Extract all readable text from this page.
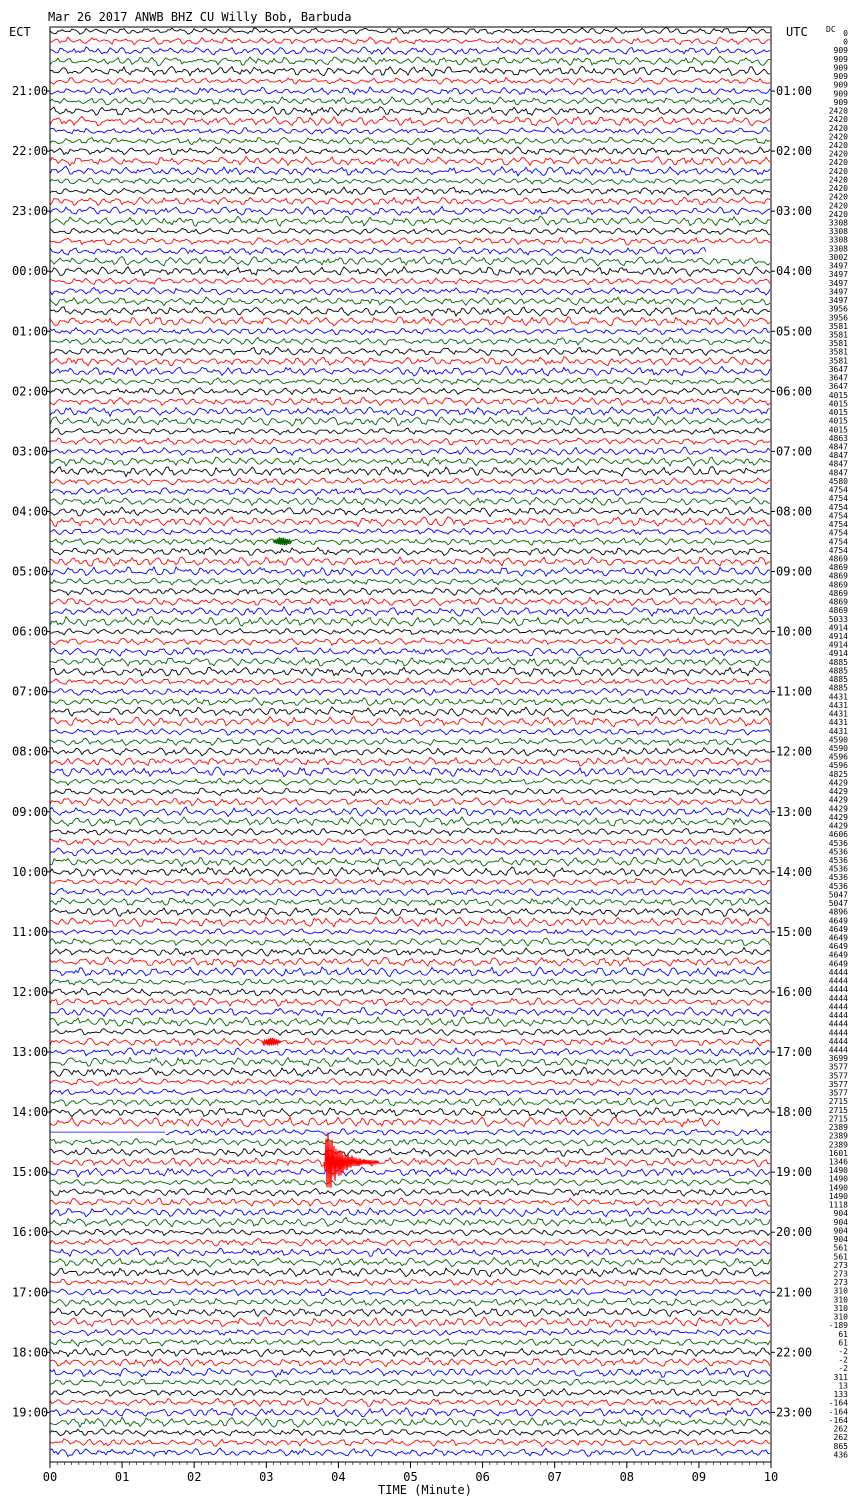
Mar 26 2017 ANWB BHZ CU Willy Bob, Barbuda
ECT	UTC DC
21:00
22:00
23:00
00:00
01:00
02:00
03:00
04:00
05:00
06:00
07:00
08:00
09:00
10:00
11:00
12:00
13:00
14:00
15:00
16:00
17:00
18:00
19:00
01:00
02:00
03:00
04:00
05:00
06:00
07:00
08:00
09:00
10:00
11:00
12:00
13:00
14:00
15:00
16:00
17:00
18:00
19:00
20:00
21:00
22:00
23:00
0
0
909
909
909
909
909
909
909
2420
2420
2420
2420
2420
2420
2420
2420
2420
2420
2420
2420
2420
3308
3308
3308
3308
3002
3497
3497
3497
3497
3497
3956
3956
3581
3581
3581
3581
3581
3647
3647
3647
4015
4015
4015
4015
4015
4863
4847
4847
4847
4847
4580
4754
4754
4754
4754
4754
4754
4754
4754
4869
4869
4869
4869
4869
4869
4869
5033
4914
4914
4914
4914
4885
4885
4885
4885
4431
4431
4431
4431
4431
4590
4590
4596
4596
4825
4429
4429
4429
4429
4429
4429
4606
4536
4536
4536
4536
4536
4536
5047
5047
4896
4649
4649
4649
4649
4649
4649
4444
4444
4444
4444
4444
4444
4444
4444
4444
4444
3699
3577
3577
3577
3577
2715
2715
2715
2389
2389
2389
1601
1346
1490
1490
1490
1490
1118
904
904
904
904
561
561
273
273
273
310
310
310
310
-189
61
61
-2
-2
-2
311
13
133
-164
-164
-164
262
262
865
436
00	01	02	03	04	05	06	07	08	09	10
TIME (Minute)
